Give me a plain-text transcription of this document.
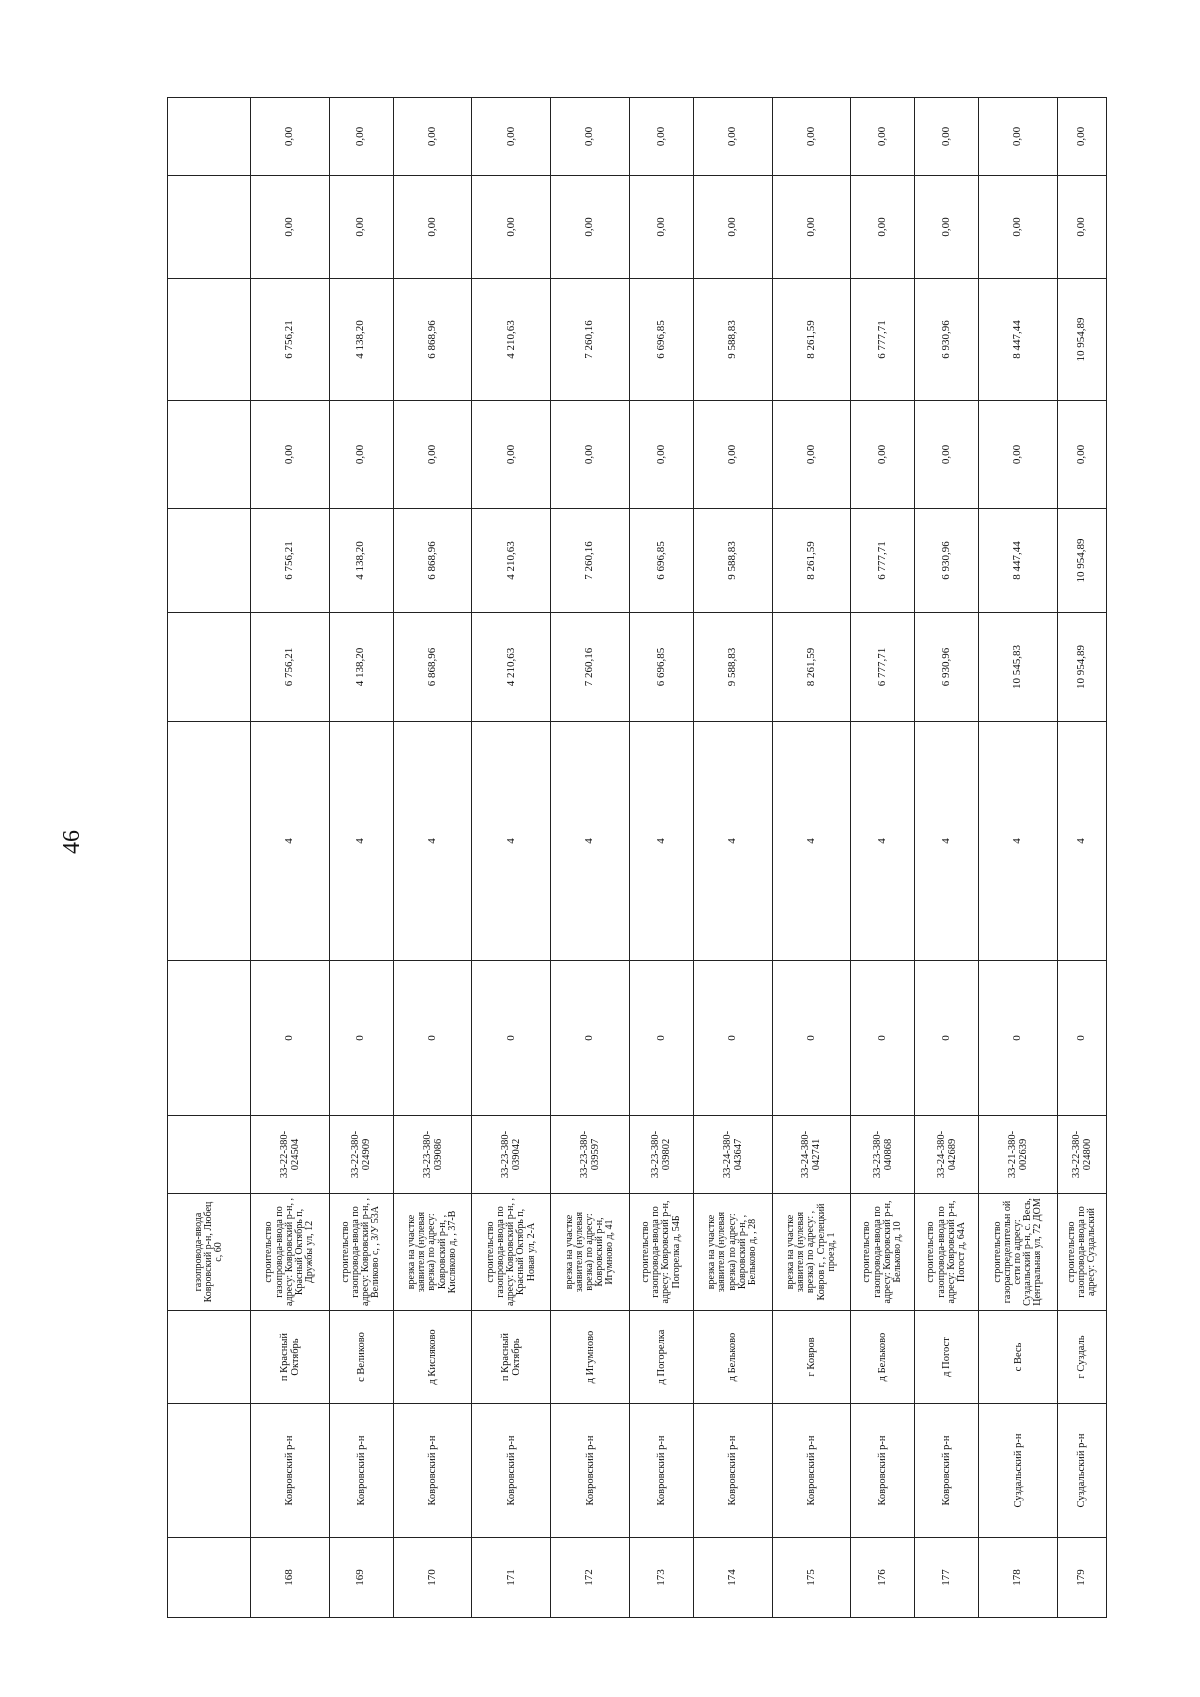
46
			газопровода-ввода Ковровский р-н, Любец с, 60									
168	Ковровский р-н	п Красный Октябрь	строительство газопровода-ввода по адресу: Ковровский р-н, , Красный Октябрь п, Дружбы ул, 12	33-22-380-024504	0	4	6 756,21	6 756,21	0,00	6 756,21	0,00	0,00
169	Ковровский р-н	с Великово	строительство газопровода-ввода по адресу: Ковровский р-н, , Великово с, , З/У 53А	33-22-380-024909	0	4	4 138,20	4 138,20	0,00	4 138,20	0,00	0,00
170	Ковровский р-н	д Кисляково	врезка на участке заявителя (нулевая врезка) по адресу: Ковровский р-н, , Кисляково д, , 37-В	33-23-380-039086	0	4	6 868,96	6 868,96	0,00	6 868,96	0,00	0,00
171	Ковровский р-н	п Красный Октябрь	строительство газопровода-ввода по адресу: Ковровский р-н, , Красный Октябрь п, Новая ул, 2-А	33-23-380-039042	0	4	4 210,63	4 210,63	0,00	4 210,63	0,00	0,00
172	Ковровский р-н	д Игумново	врезка на участке заявителя (нулевая врезка) по адресу: Ковровский р-н, Игумново д, 41	33-23-380-039597	0	4	7 260,16	7 260,16	0,00	7 260,16	0,00	0,00
173	Ковровский р-н	д Погорелка	строительство газопровода-ввода по адресу: Ковровский р-н, Погорелка д, 54Б	33-23-380-039802	0	4	6 696,85	6 696,85	0,00	6 696,85	0,00	0,00
174	Ковровский р-н	д Бельково	врезка на участке заявителя (нулевая врезка) по адресу: Ковровский р-н, , Бельково д, , 28	33-24-380-043647	0	4	9 588,83	9 588,83	0,00	9 588,83	0,00	0,00
175	Ковровский р-н	г Ковров	врезка на участке заявителя (нулевая врезка) по адресу: , Ковров г, , Стрелецкий проезд, 1	33-24-380-042741	0	4	8 261,59	8 261,59	0,00	8 261,59	0,00	0,00
176	Ковровский р-н	д Бельково	строительство газопровода-ввода по адресу: Ковровский р-н, Бельково д, 10	33-23-380-040868	0	4	6 777,71	6 777,71	0,00	6 777,71	0,00	0,00
177	Ковровский р-н	д Погост	строительство газопровода-ввода по адресу: Ковровский р-н, Погост д, 64А	33-24-380-042689	0	4	6 930,96	6 930,96	0,00	6 930,96	0,00	0,00
178	Суздальский р-н	с Весь	строительство газораспределительн ой сети по адресу: Суздальский р-н, с. Весь, Центральная ул, 72 ДОМ	33-21-380-002639	0	4	10 545,83	8 447,44	0,00	8 447,44	0,00	0,00
179	Суздальский р-н	г Суздаль	строительство газопровода-ввода по адресу: Суздальский	33-22-380-024800	0	4	10 954,89	10 954,89	0,00	10 954,89	0,00	0,00
